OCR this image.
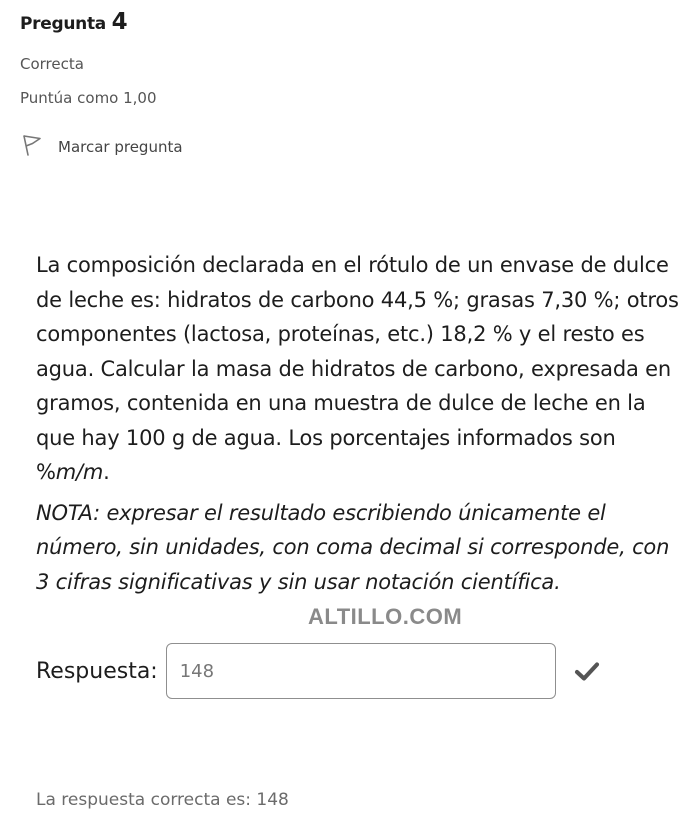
Pregunta 4
Correcta
Puntúa como 1,00
Marcar pregunta

La composición declarada en el rótulo de un envase de dulce de leche es: hidratos de carbono 44,5 %; grasas 7,30 %; otros componentes (lactosa, proteínas, etc.) 18,2 % y el resto es agua. Calcular la masa de hidratos de carbono, expresada en gramos, contenida en una muestra de dulce de leche en la que hay 100 g de agua. Los porcentajes informados son %m/m.

NOTA: expresar el resultado escribiendo únicamente el número, sin unidades, con coma decimal si corresponde, con 3 cifras significativas y sin usar notación científica.

ALTILLO.COM
Respuesta:
148
La respuesta correcta es: 148
